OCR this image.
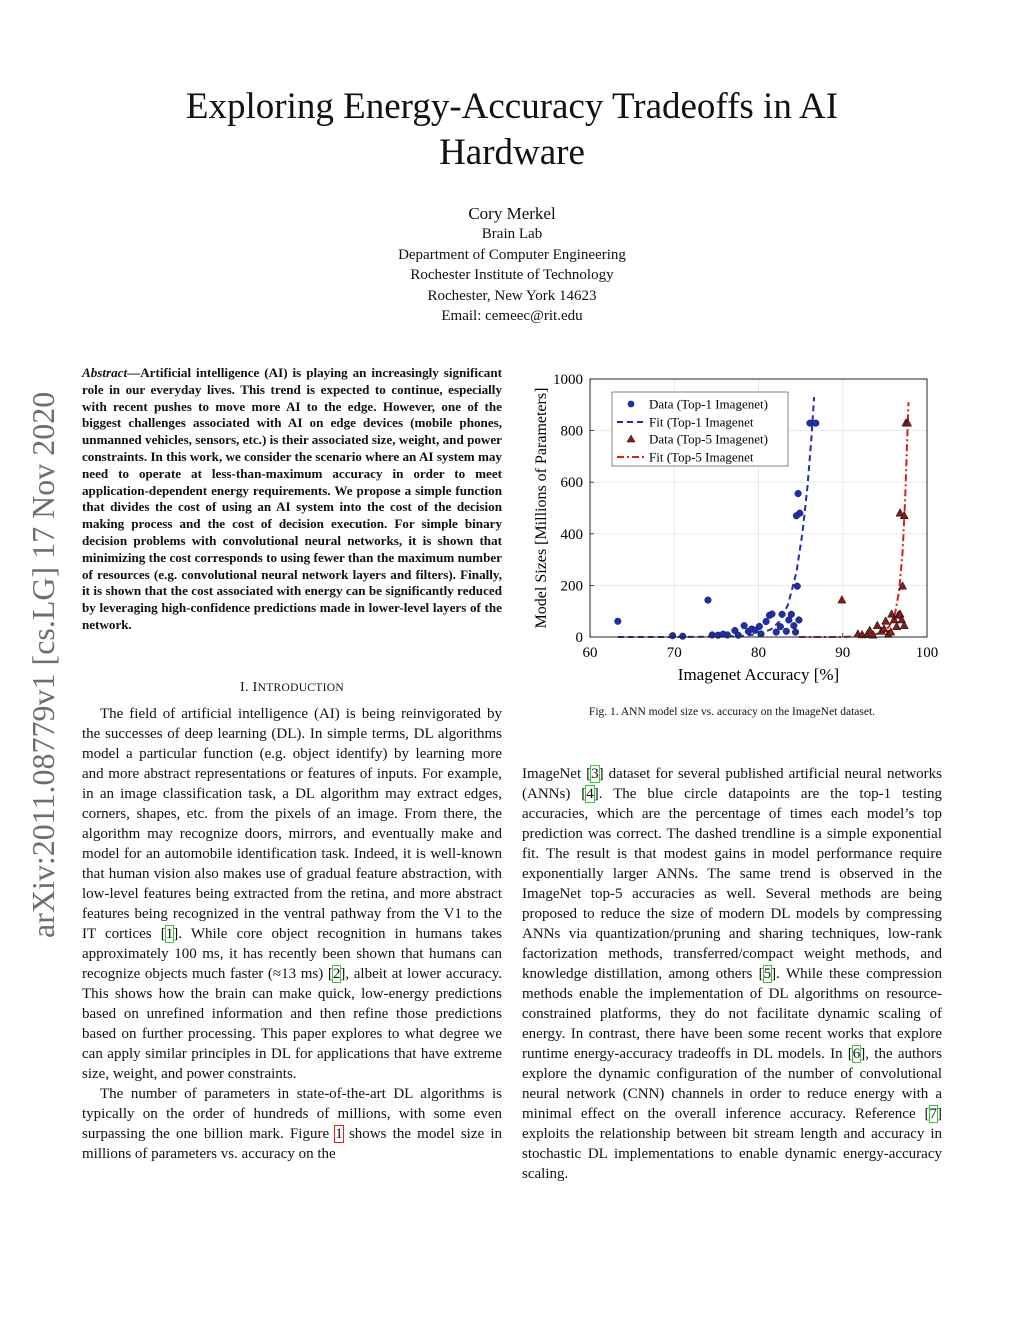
Exploring Energy-Accuracy Tradeoffs in AI Hardware
Cory Merkel
Brain Lab
Department of Computer Engineering
Rochester Institute of Technology
Rochester, New York 14623
Email: cemeec@rit.edu
arXiv:2011.08779v1 [cs.LG] 17 Nov 2020
Abstract—Artificial intelligence (AI) is playing an increasingly significant role in our everyday lives. This trend is expected to continue, especially with recent pushes to move more AI to the edge. However, one of the biggest challenges associated with AI on edge devices (mobile phones, unmanned vehicles, sensors, etc.) is their associated size, weight, and power constraints. In this work, we consider the scenario where an AI system may need to operate at less-than-maximum accuracy in order to meet application-dependent energy requirements. We propose a simple function that divides the cost of using an AI system into the cost of the decision making process and the cost of decision execution. For simple binary decision problems with convolutional neural networks, it is shown that minimizing the cost corresponds to using fewer than the maximum number of resources (e.g. convolutional neural network layers and filters). Finally, it is shown that the cost associated with energy can be significantly reduced by leveraging high-confidence predictions made in lower-level layers of the network.
I. INTRODUCTION

The field of artificial intelligence (AI) is being reinvigorated by the successes of deep learning (DL). In simple terms, DL algorithms model a particular function (e.g. object identify) by learning more and more abstract representations or features of inputs. For example, in an image classification task, a DL algorithm may extract edges, corners, shapes, etc. from the pixels of an image. From there, the algorithm may recognize doors, mirrors, and eventually make and model for an automobile identification task. Indeed, it is well-known that human vision also makes use of gradual feature abstraction, with low-level features being extracted from the retina, and more abstract features being recognized in the ventral pathway from the V1 to the IT cortices [1]. While core object recognition in humans takes approximately 100 ms, it has recently been shown that humans can recognize objects much faster (≈13 ms) [2], albeit at lower accuracy. This shows how the brain can make quick, low-energy predictions based on unrefined information and then refine those predictions based on further processing. This paper explores to what degree we can apply similar principles in DL for applications that have extreme size, weight, and power constraints.

The number of parameters in state-of-the-art DL algorithms is typically on the order of hundreds of millions, with some even surpassing the one billion mark. Figure 1 shows the model size in millions of parameters vs. accuracy on the

60	70	80	90	100
0
200
400
600
800
1000
Imagenet Accuracy [%]
Model Sizes [Millions of Parameters]	Data (Top-1 Imagenet)
Fit (Top-1 Imagenet
Data (Top-5 Imagenet)
Fit (Top-5 Imagenet
Fig. 1. ANN model size vs. accuracy on the ImageNet dataset.

ImageNet [3] dataset for several published artificial neural networks (ANNs) [4]. The blue circle datapoints are the top-1 testing accuracies, which are the percentage of times each model’s top prediction was correct. The dashed trendline is a simple exponential fit. The result is that modest gains in model performance require exponentially larger ANNs. The same trend is observed in the ImageNet top-5 accuracies as well. Several methods are being proposed to reduce the size of modern DL models by compressing ANNs via quantization/pruning and sharing techniques, low-rank factorization methods, transferred/compact weight methods, and knowledge distillation, among others [5]. While these compression methods enable the implementation of DL algorithms on resource-constrained platforms, they do not facilitate dynamic scaling of energy. In contrast, there have been some recent works that explore runtime energy-accuracy tradeoffs in DL models. In [6], the authors explore the dynamic configuration of the number of convolutional neural network (CNN) channels in order to reduce energy with a minimal effect on the overall inference accuracy. Reference [7] exploits the relationship between bit stream length and accuracy in stochastic DL implementations to enable dynamic energy-accuracy scaling.
